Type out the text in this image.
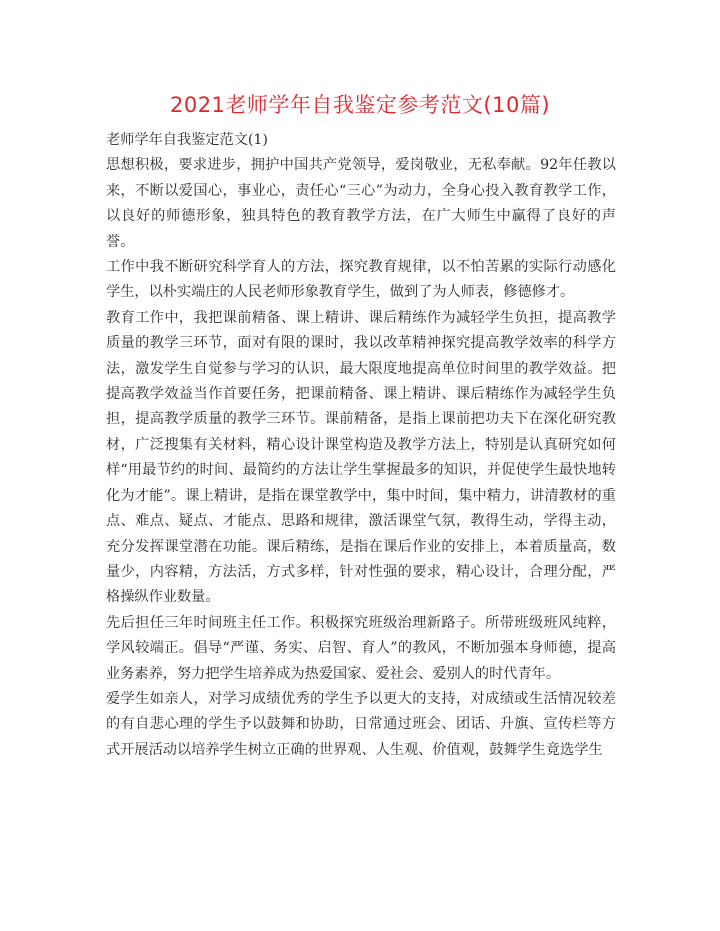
2021老师学年自我鉴定参考范文(10篇)

老师学年自我鉴定范文(1)

思想积极，要求进步，拥护中国共产党领导，爱岗敬业，无私奉献。92年任教以来，不断以爱国心，事业心，责任心“三心”为动力，全身心投入教育教学工作，以良好的师德形象，独具特色的教育教学方法，在广大师生中赢得了良好的声誉。

工作中我不断研究科学育人的方法，探究教育规律，以不怕苦累的实际行动感化学生，以朴实端庄的人民老师形象教育学生，做到了为人师表，修德修才。

教育工作中，我把课前精备、课上精讲、课后精练作为减轻学生负担，提高教学质量的教学三环节，面对有限的课时，我以改革精神探究提高教学效率的科学方法，激发学生自觉参与学习的认识，最大限度地提高单位时间里的教学效益。把提高教学效益当作首要任务，把课前精备、课上精讲、课后精练作为减轻学生负担，提高教学质量的教学三环节。课前精备，是指上课前把功夫下在深化研究教材，广泛搜集有关材料，精心设计课堂构造及教学方法上，特别是认真研究如何样“用最节约的时间、最简约的方法让学生掌握最多的知识，并促使学生最快地转化为才能”。课上精讲，是指在课堂教学中，集中时间，集中精力，讲清教材的重点、难点、疑点、才能点、思路和规律，激活课堂气氛，教得生动，学得主动，充分发挥课堂潜在功能。课后精练，是指在课后作业的安排上，本着质量高，数量少，内容精，方法活，方式多样，针对性强的要求，精心设计，合理分配，严格操纵作业数量。

先后担任三年时间班主任工作。积极探究班级治理新路子。所带班级班风纯粹，学风较端正。倡导“严谨、务实、启智、育人”的教风，不断加强本身师德，提高业务素养，努力把学生培养成为热爱国家、爱社会、爱别人的时代青年。

爱学生如亲人，对学习成绩优秀的学生予以更大的支持，对成绩或生活情况较差的有自悲心理的学生予以鼓舞和协助，日常通过班会、团话、升旗、宣传栏等方式开展活动以培养学生树立正确的世界观、人生观、价值观，鼓舞学生竟选学生
